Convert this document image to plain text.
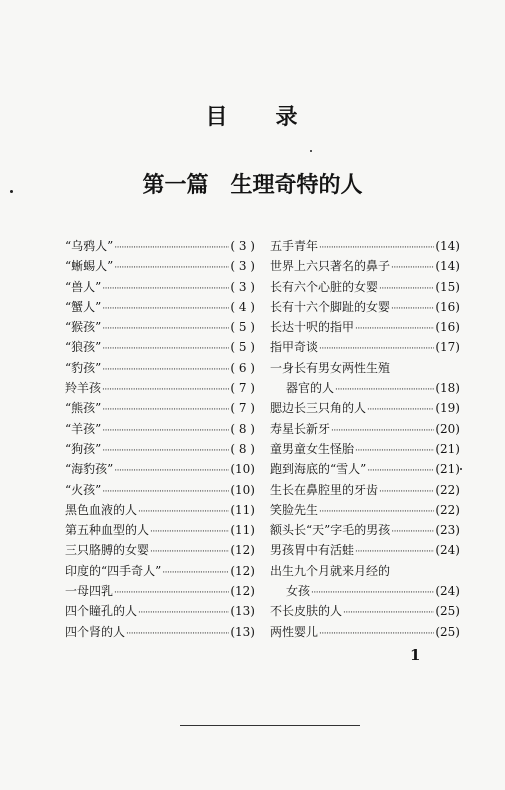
目 录
第一篇 生理奇特的人
“乌鸦人” ·····	( 3 )
“蜥蜴人” ·····	( 3 )
“兽人” ·····	( 3 )
“蟹人” ·····	( 4 )
“猴孩” ·····	( 5 )
“狼孩” ·····	( 5 )
“豹孩” ·····	( 6 )
羚羊孩 ·····	( 7 )
“熊孩” ·····	( 7 )
“羊孩” ·····	( 8 )
“狗孩” ·····	( 8 )
“海豹孩” ·····	(10)
“火孩” ·····	(10)
黑色血液的人 ·····	(11)
第五种血型的人 ·····	(11)
三只胳膊的女婴 ·····	(12)
印度的“四手奇人” ·····	(12)
一母四乳 ·····	(12)
四个瞳孔的人 ·····	(13)
四个肾的人 ·····	(13)
五手青年 ·····	(14)
世界上六只著名的鼻子 ·····	(14)
长有六个心脏的女婴 ·····	(15)
长有十六个脚趾的女婴 ·····	(16)
长达十呎的指甲 ·····	(16)
指甲奇谈 ·····	(17)
一身长有男女两性生殖
器官的人 ·····	(18)
腮边长三只角的人 ·····	(19)
寿星长新牙 ·····	(20)
童男童女生怪胎 ·····	(21)
跑到海底的“雪人” ·····	(21)
生长在鼻腔里的牙齿 ·····	(22)
笑脸先生 ·····	(22)
额头长“天”字毛的男孩 ·····	(23)
男孩胃中有活蛙 ·····	(24)
出生九个月就来月经的
女孩 ·····	(24)
不长皮肤的人 ·····	(25)
两性婴儿 ·····	(25)
1
